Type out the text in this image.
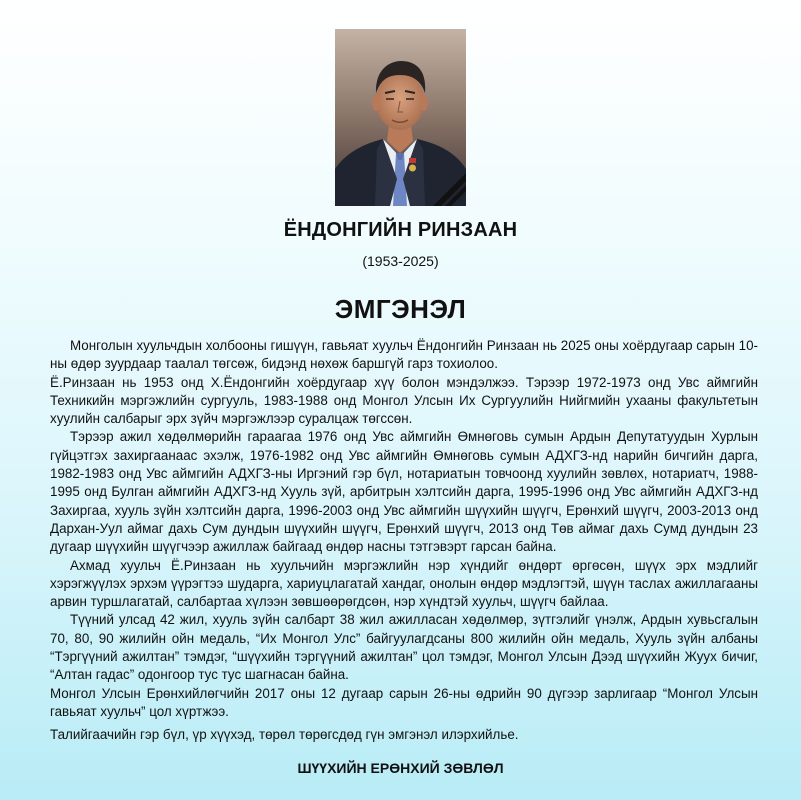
ЁНДОНГИЙН РИНЗААН
(1953-2025)
ЭМГЭНЭЛ

Монголын хуульчдын холбооны гишүүн, гавьяат хуульч Ёндонгийн Ринзаан нь 2025 оны хоёрдугаар сарын 10-ны өдөр зуурдаар таалал төгсөж, бидэнд нөхөж баршгүй гарз тохиолоо.

Ё.Ринзаан нь 1953 онд Х.Ёндонгийн хоёрдугаар хүү болон мэндэлжээ. Тэрээр 1972-1973 онд Увс аймгийн Техникийн мэргэжлийн сургууль, 1983-1988 онд Монгол Улсын Их Сургуулийн Нийгмийн ухааны факультетын хуулийн салбарыг эрх зүйч мэргэжлээр суралцаж төгссөн.

Тэрээр ажил хөдөлмөрийн гараагаа 1976 онд Увс аймгийн Өмнөговь сумын Ардын Депутатуудын Хурлын гүйцэтгэх захиргаанаас эхэлж, 1976-1982 онд Увс аймгийн Өмнөговь сумын АДХГЗ-нд нарийн бичгийн дарга, 1982-1983 онд Увс аймгийн АДХГЗ-ны Иргэний гэр бүл, нотариатын товчоонд хуулийн зөвлөх, нотариатч, 1988-1995 онд Булган аймгийн АДХГЗ-нд Хууль зүй, арбитрын хэлтсийн дарга, 1995-1996 онд Увс аймгийн АДХГЗ-нд Захиргаа, хууль зүйн хэлтсийн дарга, 1996-2003 онд Увс аймгийн шүүхийн шүүгч, Ерөнхий шүүгч, 2003-2013 онд Дархан-Уул аймаг дахь Сум дундын шүүхийн шүүгч, Ерөнхий шүүгч, 2013 онд Төв аймаг дахь Сумд дундын 23 дугаар шүүхийн шүүгчээр ажиллаж байгаад өндөр насны тэтгэвэрт гарсан байна.

Ахмад хуульч Ё.Ринзаан нь хуульчийн мэргэжлийн нэр хүндийг өндөрт өргөсөн, шүүх эрх мэдлийг хэрэгжүүлэх эрхэм үүрэгтээ шударга, хариуцлагатай хандаг, онолын өндөр мэдлэгтэй, шүүн таслах ажиллагааны арвин туршлагатай, салбартаа хүлээн зөвшөөрөгдсөн, нэр хүндтэй хуульч, шүүгч байлаа.

Түүний улсад 42 жил, хууль зүйн салбарт 38 жил ажилласан хөдөлмөр, зүтгэлийг үнэлж, Ардын хувьсгалын 70, 80, 90 жилийн ойн медаль, “Их Монгол Улс” байгуулагдсаны 800 жилийн ойн медаль, Хууль зүйн албаны “Тэргүүний ажилтан” тэмдэг, “шүүхийн тэргүүний ажилтан” цол тэмдэг, Монгол Улсын Дээд шүүхийн Жуух бичиг, “Алтан гадас” одонгоор тус тус шагнасан байна.

Монгол Улсын Ерөнхийлөгчийн 2017 оны 12 дугаар сарын 26-ны өдрийн 90 дүгээр зарлигаар “Монгол Улсын гавьяат хуульч” цол хүртжээ.

Талийгаачийн гэр бүл, үр хүүхэд, төрөл төрөгсдөд гүн эмгэнэл илэрхийлье.

ШҮҮХИЙН ЕРӨНХИЙ ЗӨВЛӨЛ
